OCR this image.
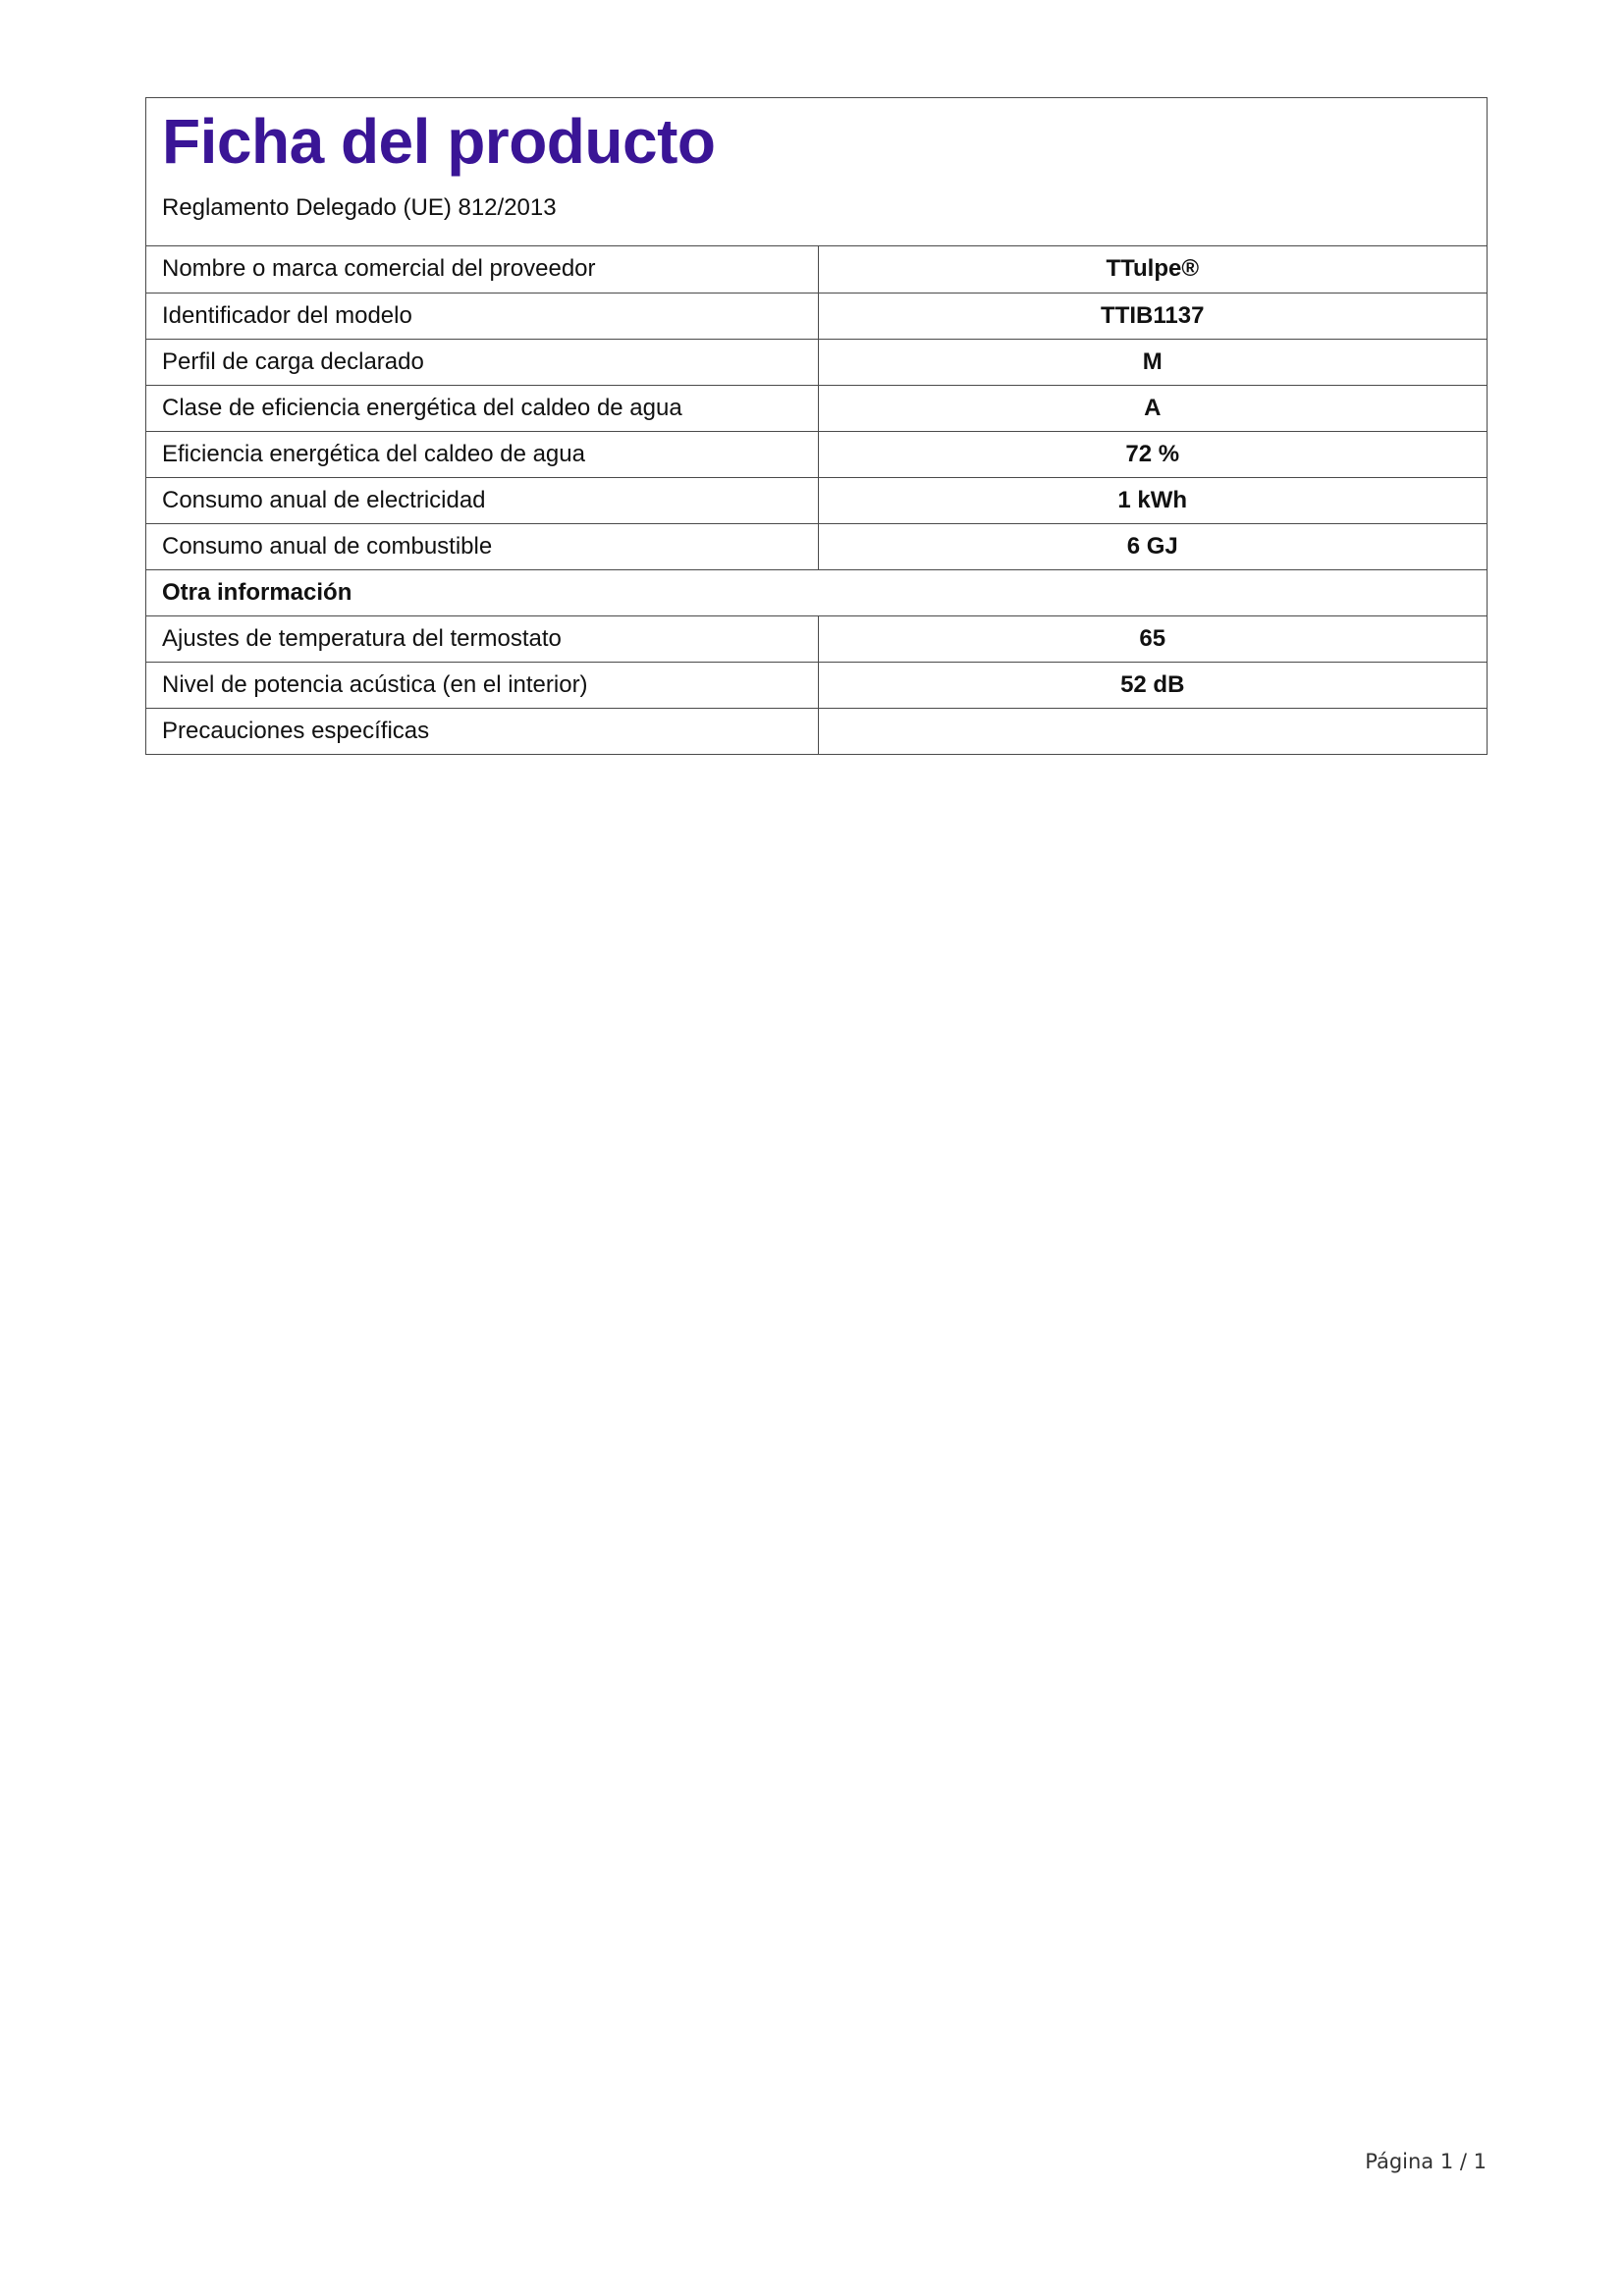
Ficha del producto
Reglamento Delegado (UE) 812/2013
Nombre o marca comercial del proveedor	TTulpe®
Identificador del modelo	TTIB1137
Perfil de carga declarado	M
Clase de eficiencia energética del caldeo de agua	A
Eficiencia energética del caldeo de agua	72 %
Consumo anual de electricidad	1 kWh
Consumo anual de combustible	6 GJ
Otra información	
Ajustes de temperatura del termostato	65
Nivel de potencia acústica (en el interior)	52 dB
Precauciones específicas	
Página 1 / 1
